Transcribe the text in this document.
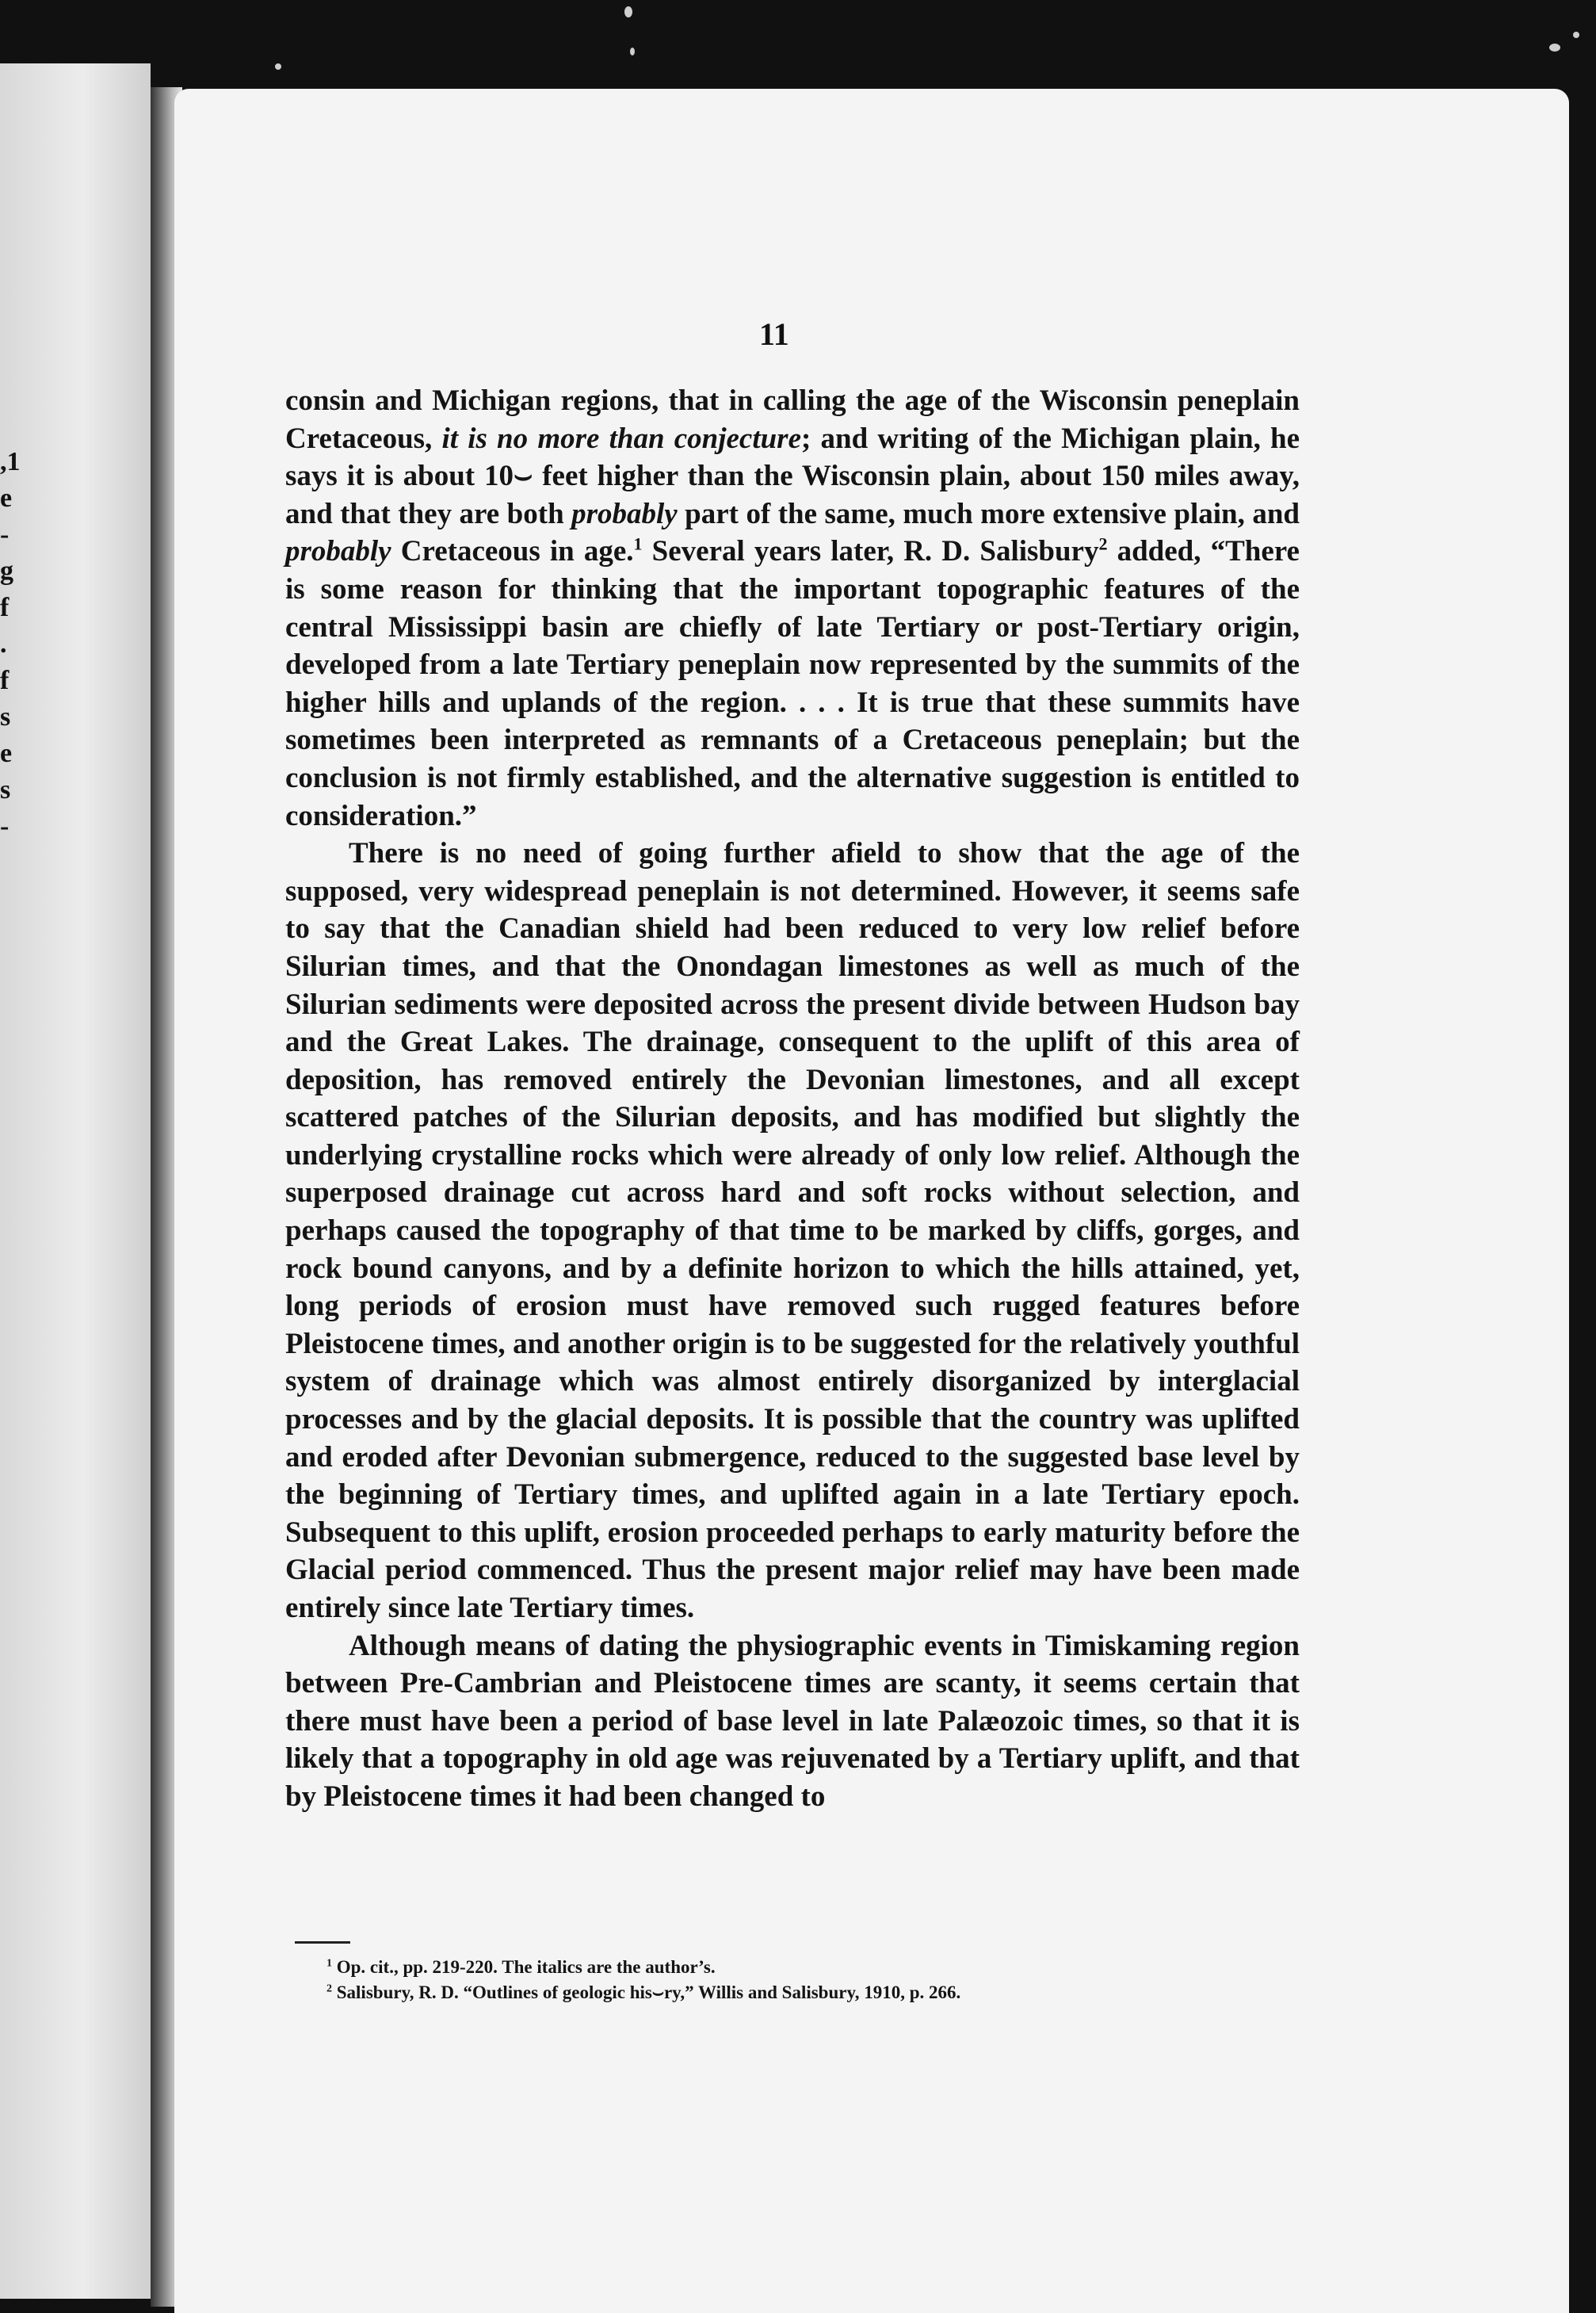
,1
e
-
g
f
.
f
s
e
s
-
11

consin and Mic​h​igan regions, that in calling the age of the Wisconsin peneplain Cretaceous, it is no more than conjecture; and writing of the Michigan plain, he says it is about 10⌣ feet higher than the Wisconsin plain, about 150 miles away, and that they are both probably part of the same, much more extensive plain, and probably Cretaceous in age.$^1$ Several years later, R. D. Salisbury$^2$ added, “There is some reason for thinking that the important topographic features of the central Mississippi basin are chiefly of late Tertiary or post-Tertiary origin, developed from a late Tertiary pene​plain now represented by the summits of the higher hills and uplands of the region. . . . It is true that these summits have sometimes been interpreted as remnants of a Cretaceous peneplain; but the conclusion is not firmly established, and the alternative suggestion is entitled to consideration.”

There is no need of going further afield to show that the age of the supposed, very widespread peneplain is not determined. However, it seems safe to say that the Canadian shield had been reduced to very low relief before Silurian times, and that the Onondagan limestones as well as much of the Silurian sediments were deposited across the present divide between Hudson bay and the Great Lakes. The drainage, consequent to the uplift of this area of deposition, has removed entirely the Devonian limestones, and all except scattered patches of the Silurian deposits, and has modified but slightly the underlying crystalline rocks which were already of only low relief. Although the superposed drainage cut across hard and soft rocks without selection, and perhaps caused the topography of that time to be marked by cliffs, gorges, and rock bound canyons, and by a definite horizon to which the hills attained, yet, long periods of erosion must have removed such rugged features before Pleistocene times, and another origin is to be suggested for the relatively youthful system of drainage which was almost entirely disorganized by interglacial processes and by the glacial deposits. It is possible that the country was uplifted and eroded after Devonian submergence, reduced to the suggested base level by the beginning of Tertiary times, and uplifted again in a late Tertiary epoch. Subsequent to this uplift, erosion proceeded perhaps to early maturity before the Glacial period commenced. Thus the present major relief may have been made entirely since late Tertiary times.

Although means of dating the physiographic events in Timiskaming region between Pre-Cambrian and Pleistocene times are scanty, it seems certain that there must have been a period of base level in late Palæozoic times, so that it is likely that a topography in old age was rejuvenated by a Tertiary uplift, and that by Pleistocene times it had been changed to

$^1$ Op. cit., pp. 219-220. The italics are the author’s.
$^2$ Salisbury, R. D. “Outlines of geologic his⌣ry,” Willis and Salisbury, 1910, p. 266.
